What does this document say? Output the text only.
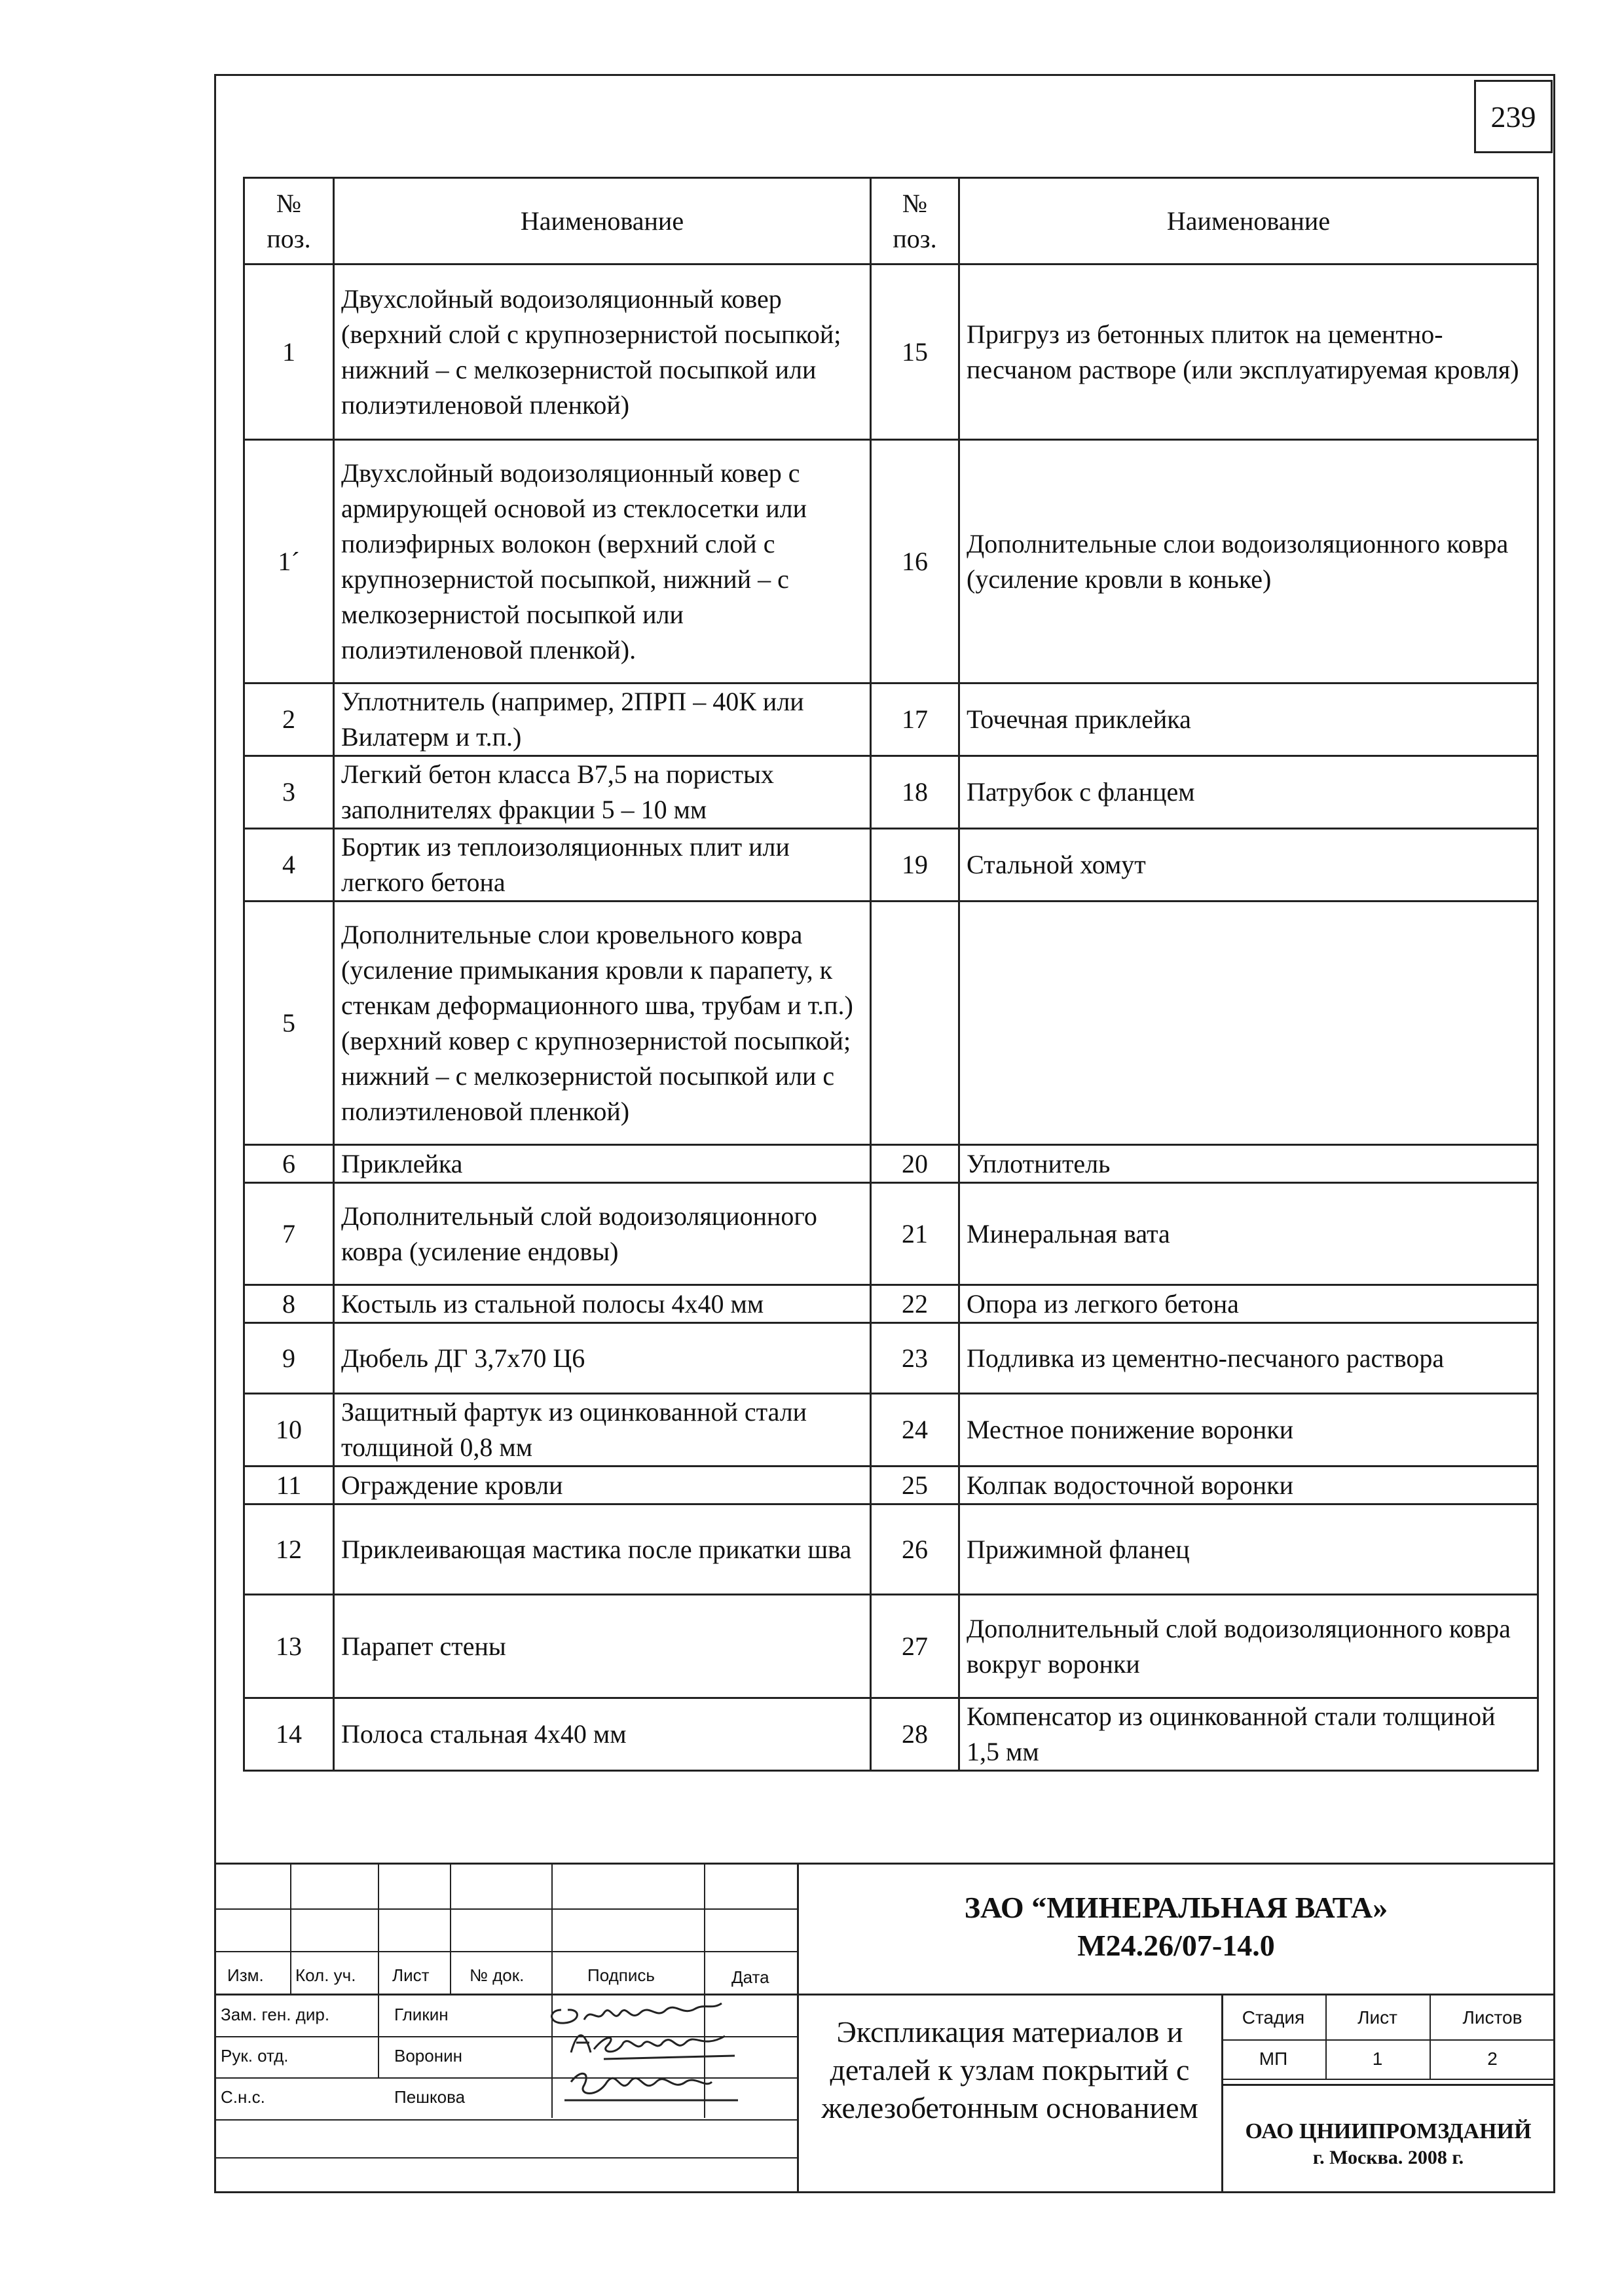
239
№ поз.	Наименование	№ поз.	Наименование
1	Двухслойный водоизоляционный ковер (верхний слой с крупнозернистой посыпкой; нижний – с мелкозернистой посыпкой или полиэтиленовой пленкой)	15	Пригруз из бетонных плиток на цементно-песчаном растворе (или эксплуатируемая кровля)
1´	Двухслойный водоизоляционный ковер с армирующей основой из стеклосетки или полиэфирных волокон (верхний слой с крупнозернистой посыпкой, нижний – с мелкозернистой посыпкой или полиэтиленовой пленкой).	16	Дополнительные слои водоизоляционного ковра (усиление кровли в коньке)
2	Уплотнитель (например, 2ПРП – 40К или Вилатерм и т.п.)	17	Точечная приклейка
3	Легкий бетон класса В7,5 на пористых заполнителях фракции 5 – 10 мм	18	Патрубок с фланцем
4	Бортик из теплоизоляционных плит или легкого бетона	19	Стальной хомут
5	Дополнительные слои кровельного ковра (усиление примыкания кровли к парапету, к стенкам деформационного шва, трубам и т.п.) (верхний ковер с крупнозернистой посыпкой; нижний – с мелкозернистой посыпкой или с полиэтиленовой пленкой)		
6	Приклейка	20	Уплотнитель
7	Дополнительный слой водоизоляционного ковра (усиление ендовы)	21	Минеральная вата
8	Костыль из стальной полосы 4х40 мм	22	Опора из легкого бетона
9	Дюбель ДГ 3,7х70 Ц6	23	Подливка из цементно-песчаного раствора
10	Защитный фартук из оцинкованной стали толщиной 0,8 мм	24	Местное понижение воронки
11	Ограждение кровли	25	Колпак водосточной воронки
12	Приклеивающая мастика после прикатки шва	26	Прижимной фланец
13	Парапет стены	27	Дополнительный слой водоизоляционного ковра вокруг воронки
14	Полоса стальная 4х40 мм	28	Компенсатор из оцинкованной стали толщиной 1,5 мм
Изм. Кол. уч. Лист № док.	Подпись	Дата
Зам. ген. дир.	Гликин
Рук. отд.	Воронин
С.н.с.	Пешкова
ЗАО “МИНЕРАЛЬНАЯ ВАТА»
М24.26/07-14.0
Экспликация материалов и деталей к узлам покрытий с железобетонным основанием
Стадия	Лист	Листов
МП	1	2
ОАО ЦНИИПРОМЗДАНИЙ
г. Москва. 2008 г.
